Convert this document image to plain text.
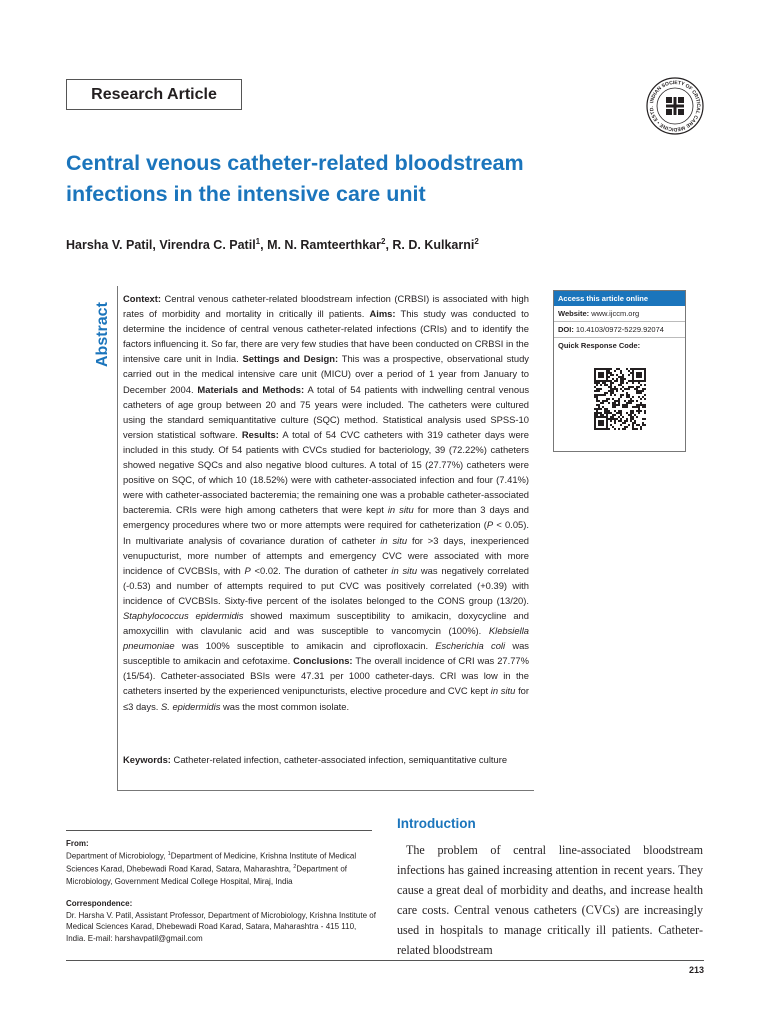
Research Article	INDIAN SOCIETY OF CRITICAL CARE MEDICINE • ESTD.
Central venous catheter-related bloodstream
infections in the intensive care unit
Harsha V. Patil, Virendra C. Patil$^1$, M. N. Ramteerthkar$^2$, R. D. Kulkarni$^2$
Abstract

Context: Central venous catheter-related bloodstream infection (CRBSI) is associated with high rates of morbidity and mortality in critically ill patients. Aims: This study was conducted to determine the incidence of central venous catheter-related infections (CRIs) and to identify the factors influencing it. So far, there are very few studies that have been conducted on CRBSI in the intensive care unit in India. Settings and Design: This was a prospective, observational study carried out in the medical intensive care unit (MICU) over a period of 1 year from January to December 2004. Materials and Methods: A total of 54 patients with indwelling central venous catheters of age group between 20 and 75 years were included. The catheters were cultured using the standard semiquantitative culture (SQC) method. Statistical analysis used SPSS-10 version statistical software. Results: A total of 54 CVC catheters with 319 catheter days were included in this study. Of 54 patients with CVCs studied for bacteriology, 39 (72.22%) catheters showed negative SQCs and also negative blood cultures. A total of 15 (27.77%) catheters were positive on SQC, of which 10 (18.52%) were with catheter-associated infection and four (7.41%) were with catheter-associated bacteremia; the remaining one was a probable catheter-associated bacteremia. CRIs were high among catheters that were kept in situ for more than 3 days and emergency procedures where two or more attempts were required for catheterization (P < 0.05). In multivariate analysis of covariance duration of catheter in situ for >3 days, inexperienced venupucturist, more number of attempts and emergency CVC were associated with more incidence of CVCBSIs, with P <0.02. The duration of catheter in situ was negatively correlated (-0.53) and number of attempts required to put CVC was positively correlated (+0.39) with incidence of CVCBSIs. Sixty-five percent of the isolates belonged to the CONS group (13/20). Staphylococcus epidermidis showed maximum susceptibility to amikacin, doxycycline and amoxycillin with clavulanic acid and was susceptible to vancomycin (100%). Klebsiella pneumoniae was 100% susceptible to amikacin and ciprofloxacin. Escherichia coli was susceptible to amikacin and cefotaxime. Conclusions: The overall incidence of CRI was 27.77% (15/54). Catheter-associated BSIs were 47.31 per 1000 catheter-days. CRI was low in the catheters inserted by the experienced venipuncturists, elective procedure and CVC kept in situ for ≤3 days. S. epidermidis was the most common isolate.

Keywords: Catheter-related infection, catheter-associated infection, semiquantitative culture

Access this article online
Website: www.ijccm.org
DOI: 10.4103/0972-5229.92074
Quick Response Code:

From:
Department of Microbiology, $^1$Department of Medicine, Krishna Institute of Medical Sciences Karad, Dhebewadi Road Karad, Satara, Maharashtra, $^2$Department of Microbiology, Government Medical College Hospital, Miraj, India

Correspondence:
Dr. Harsha V. Patil, Assistant Professor, Department of Microbiology, Krishna Institute of Medical Sciences Karad, Dhebewadi Road Karad, Satara, Maharashtra - 415 110, India. E-mail: harshavpatil@gmail.com

Introduction

The problem of central line-associated bloodstream infections has gained increasing attention in recent years. They cause a great deal of morbidity and deaths, and increase health care costs. Central venous catheters (CVCs) are increasingly used in hospitals to manage critically ill patients. Catheter-related bloodstream

213
